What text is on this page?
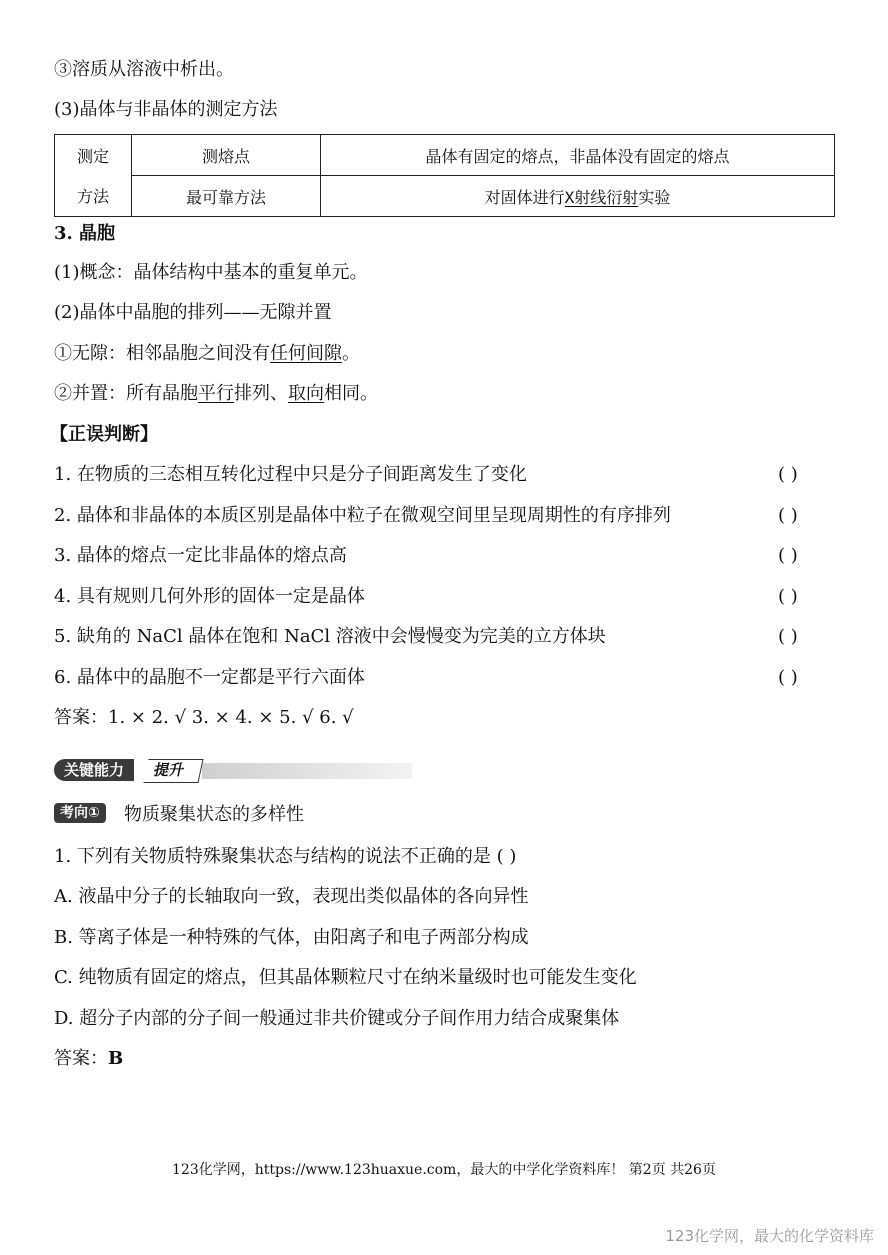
③溶质从溶液中析出。
(3)晶体与非晶体的测定方法
测定	测熔点	晶体有固定的熔点，非晶体没有固定的熔点
方法	最可靠方法	对固体进行X射线衍射实验
3. 晶胞
(1)概念：晶体结构中基本的重复单元。
(2)晶体中晶胞的排列——无隙并置
①无隙：相邻晶胞之间没有任何间隙。
②并置：所有晶胞平行排列、取向相同。
【正误判断】
1. 在物质的三态相互转化过程中只是分子间距离发生了变化	( )
2. 晶体和非晶体的本质区别是晶体中粒子在微观空间里呈现周期性的有序排列	( )
3. 晶体的熔点一定比非晶体的熔点高	( )
4. 具有规则几何外形的固体一定是晶体	( )
5. 缺角的 NaCl 晶体在饱和 NaCl 溶液中会慢慢变为完美的立方体块	( )
6. 晶体中的晶胞不一定都是平行六面体	( )
答案：1. × 2. √ 3. × 4. × 5. √ 6. √
关键能力	提升
考向①	物质聚集状态的多样性
1. 下列有关物质特殊聚集状态与结构的说法不正确的是 ( )
A. 液晶中分子的长轴取向一致，表现出类似晶体的各向异性
B. 等离子体是一种特殊的气体，由阳离子和电子两部分构成
C. 纯物质有固定的熔点，但其晶体颗粒尺寸在纳米量级时也可能发生变化
D. 超分子内部的分子间一般通过非共价键或分子间作用力结合成聚集体
答案：B
123化学网，https://www.123huaxue.com，最大的中学化学资料库！ 第2页 共26页
123化学网，最大的化学资料库
